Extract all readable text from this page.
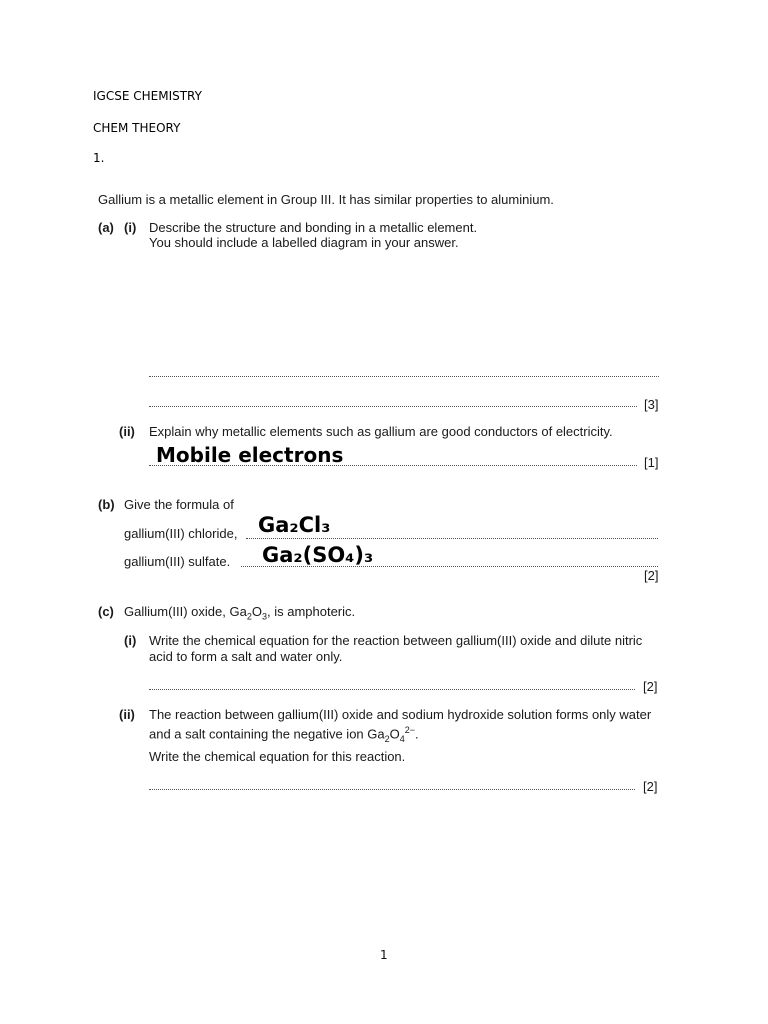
IGCSE CHEMISTRY
CHEM THEORY
1.
Gallium is a metallic element in Group III. It has similar properties to aluminium.
(a) (i) Describe the structure and bonding in a metallic element.
You should include a labelled diagram in your answer.
[3]
(ii) Explain why metallic elements such as gallium are good conductors of electricity.
Mobile electrons	[1]
(b) Give the formula of
gallium(III) chloride, Ga₂Cl₃
gallium(III) sulfate. Ga₂(SO₄)₃
[2]
(c) Gallium(III) oxide, $Ga_2O_3$, is amphoteric.
(i) Write the chemical equation for the reaction between gallium(III) oxide and dilute nitric
acid to form a salt and water only.
[2]
(ii) The reaction between gallium(III) oxide and sodium hydroxide solution forms only water
and a salt containing the negative ion $Ga_2O_4^{2-}$.
Write the chemical equation for this reaction.
[2]
1
